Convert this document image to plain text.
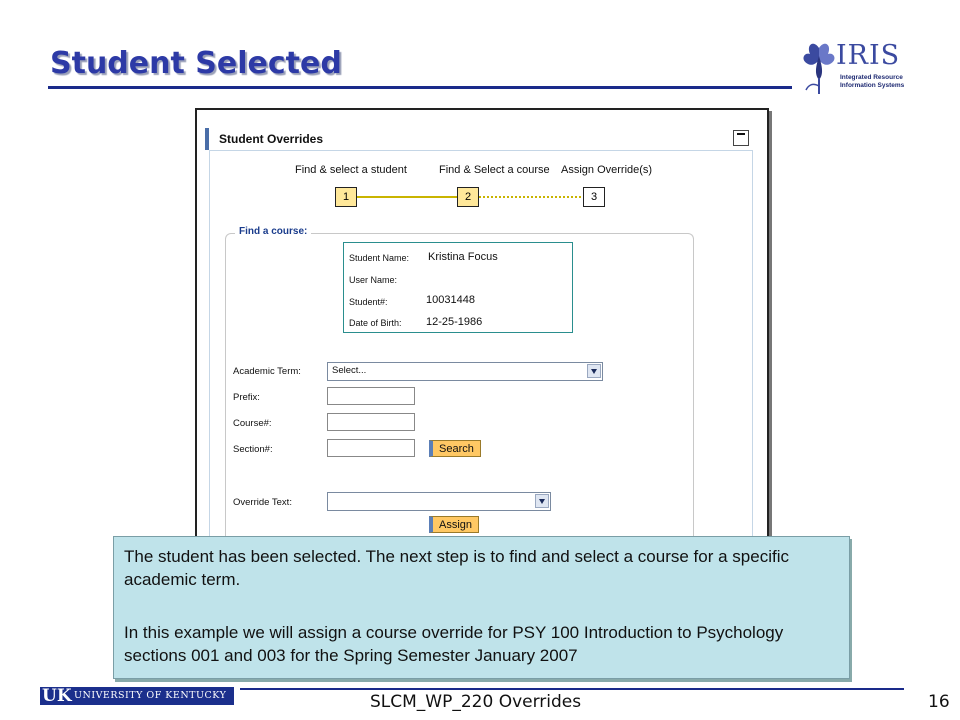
Student Selected	IRIS
Integrated Resource
Information Systems
Student Overrides
Find & select a student	Find & Select a course Assign Override(s)
1	2	3
Find a course:
Student Name: Kristina Focus
User Name:
Student#:	10031448
Date of Birth: 12-25-1986
Academic Term:	Select...
Prefix:
Course#:
Section#:	Search
Override Text:
Assign

The student has been selected. The next step is to find and select a course for a specific academic term.

In this example we will assign a course override for PSY 100 Introduction to Psychology sections 001 and 003 for the Spring Semester January 2007

UK UNIVERSITY OF KENTUCKY	SLCM_WP_220 Overrides	16
